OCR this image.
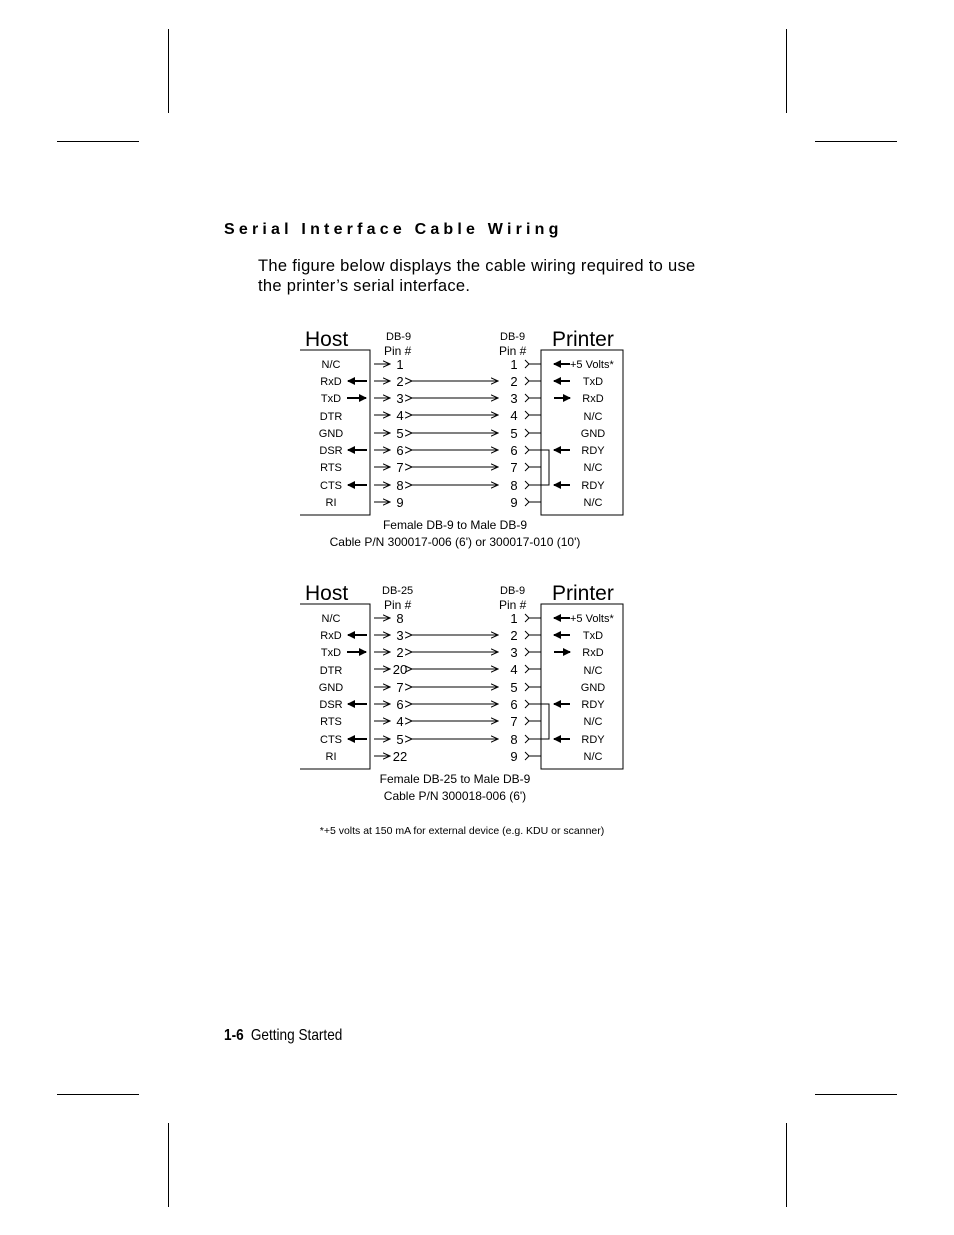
Serial Interface Cable Wiring

The figure below displays the cable wiring required to use the printer’s serial interface.

Host	Printer
DB-9
Pin #
DB-9
Pin #
N/C
RxD
TxD
DTR
GND
DSR
RTS
CTS
RI
1
2
3
4
5
6
7
8
9
1
2
3
4
5
6
7
8
9
+5 Volts*
TxD
RxD
N/C
GND
RDY
N/C
RDY
N/C
Female DB-9 to Male DB-9
Cable P/N 300017-006 (6') or 300017-010 (10')
Host	Printer
DB-25
Pin #
DB-9
Pin #
N/C
RxD
TxD
DTR
GND
DSR
RTS
CTS
RI
8
3
2
20
7
6
4
5
22
1
2
3
4
5
6
7
8
9
+5 Volts*
TxD
RxD
N/C
GND
RDY
N/C
RDY
N/C
Female DB-25 to Male DB-9
Cable P/N 300018-006 (6')
*+5 volts at 150 mA for external device (e.g. KDU or scanner)
1-6 Getting Started
